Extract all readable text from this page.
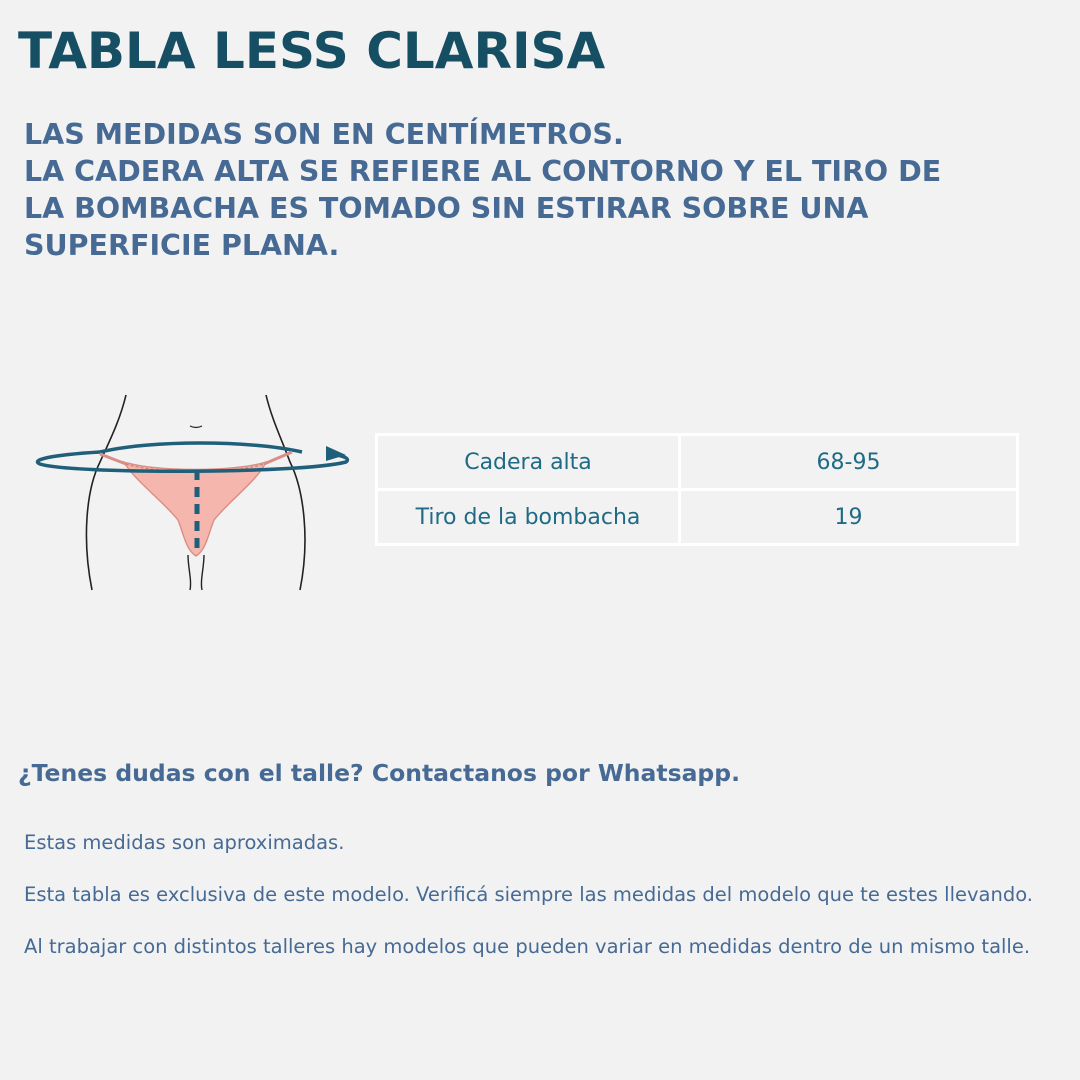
TABLA LESS CLARISA
LAS MEDIDAS SON EN CENTÍMETROS.
LA CADERA ALTA SE REFIERE AL CONTORNO Y EL TIRO DE
LA BOMBACHA ES TOMADO SIN ESTIRAR SOBRE UNA
SUPERFICIE PLANA.
Cadera alta	68-95
Tiro de la bombacha	19

¿Tenes dudas con el talle? Contactanos por Whatsapp.

Estas medidas son aproximadas.

Esta tabla es exclusiva de este modelo. Verificá siempre las medidas del modelo que te estes llevando.

Al trabajar con distintos talleres hay modelos que pueden variar en medidas dentro de un mismo talle.
